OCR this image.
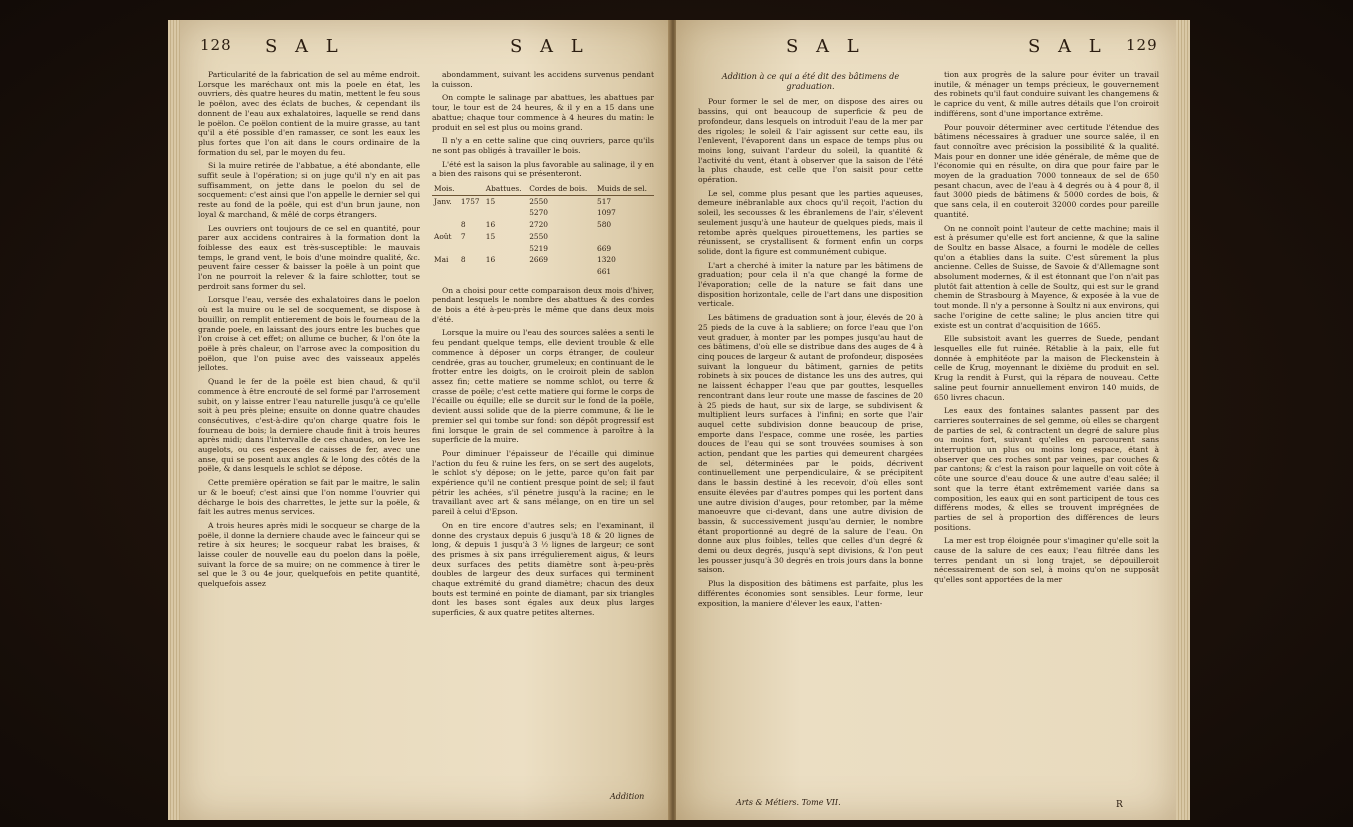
128 S A L	S A L

Particularité de la fabrication de sel au même endroit. Lorsque les maréchaux ont mis la poele en état, les ouvriers, dès quatre heures du matin, mettent le feu sous le poëlon, avec des éclats de buches, & cependant ils donnent de l'eau aux exhalatoires, laquelle se rend dans le poëlon. Ce poëlon contient de la muire grasse, au tant qu'il a été possible d'en ramasser, ce sont les eaux les plus fortes que l'on ait dans le cours ordinaire de la formation du sel, par le moyen du feu.

Si la muire retirée de l'abbatue, a été abondante, elle suffit seule à l'opération; si on juge qu'il n'y en ait pas suffisamment, on jette dans le poelon du sel de socquement: c'est ainsi que l'on appelle le dernier sel qui reste au fond de la poële, qui est d'un brun jaune, non loyal & marchand, & mêlé de corps étrangers.

Les ouvriers ont toujours de ce sel en quantité, pour parer aux accidens contraires à la formation dont la foiblesse des eaux est très-susceptible: le mauvais temps, le grand vent, le bois d'une moindre qualité, &c. peuvent faire cesser & baisser la poële à un point que l'on ne pourroit la relever & la faire schlotter, tout se perdroit sans former du sel.

Lorsque l'eau, versée des exhalatoires dans le poelon où est la muire ou le sel de socquement, se dispose à bouillir, on remplit entierement de bois le fourneau de la grande poele, en laissant des jours entre les buches que l'on croise à cet effet; on allume ce bucher, & l'on ôte la poële à près chaleur, on l'arrose avec la composition du poëlon, que l'on puise avec des vaisseaux appelés jellotes.

Quand le fer de la poële est bien chaud, & qu'il commence à être encrouté de sel formé par l'arrosement subit, on y laisse entrer l'eau naturelle jusqu'à ce qu'elle soit à peu près pleine; ensuite on donne quatre chaudes consécutives, c'est-à-dire qu'on charge quatre fois le fourneau de bois; la derniere chaude finit à trois heures après midi; dans l'intervalle de ces chaudes, on leve les augelots, ou ces especes de caisses de fer, avec une anse, qui se posent aux angles & le long des côtés de la poële, & dans lesquels le schlot se dépose.

Cette première opération se fait par le maitre, le salin ur & le boeuf; c'est ainsi que l'on nomme l'ouvrier qui décharge le bois des charrettes, le jette sur la poële, & fait les autres menus services.

A trois heures après midi le socqueur se charge de la poële, il donne la derniere chaude avec le fainceur qui se retire à six heures; le socqueur rabat les braises, & laisse couler de nouvelle eau du poelon dans la poële, suivant la force de sa muire; on ne commence à tirer le sel que le 3 ou 4e jour, quelquefois en petite quantité, quelquefois assez

abondamment, suivant les accidens survenus pendant la cuisson.

On compte le salinage par abattues, les abattues par tour, le tour est de 24 heures, & il y en a 15 dans une abattue; chaque tour commence à 4 heures du matin: le produit en sel est plus ou moins grand.

Il n'y a en cette saline que cinq ouvriers, parce qu'ils ne sont pas obligés à travailler le bois.

L'été est la saison la plus favorable au salinage, il y en a bien des raisons qui se présenteront.

Mois.		Abattues.	Cordes de bois.	Muids de sel.
Janv.	1757	15	2550	517
			5270	1097
	8	16	2720	580
Août	7	15	2550	
			5219	669
Mai	8	16	2669	1320
				661

On a choisi pour cette comparaison deux mois d'hiver, pendant lesquels le nombre des abattues & des cordes de bois a été à-peu-près le même que dans deux mois d'été.

Lorsque la muire ou l'eau des sources salées a senti le feu pendant quelque temps, elle devient trouble & elle commence à déposer un corps étranger, de couleur cendrée, gras au toucher, grumeleux; en continuant de le frotter entre les doigts, on le croiroit plein de sablon assez fin; cette matiere se nomme schlot, ou terre & crasse de poële; c'est cette matiere qui forme le corps de l'écaille ou équille; elle se durcit sur le fond de la poële, devient aussi solide que de la pierre commune, & lie le premier sel qui tombe sur fond: son dépôt progressif est fini lorsque le grain de sel commence à paroître à la superficie de la muire.

Pour diminuer l'épaisseur de l'écaille qui diminue l'action du feu & ruine les fers, on se sert des augelots, le schlot s'y dépose; on le jette, parce qu'on fait par expérience qu'il ne contient presque point de sel; il faut pétrir les achées, s'il pénetre jusqu'à la racine; en le travaillant avec art & sans mélange, on en tire un sel pareil à celui d'Epson.

On en tire encore d'autres sels; en l'examinant, il donne des crystaux depuis 6 jusqu'à 18 & 20 lignes de long, & depuis 1 jusqu'à 3 ½ lignes de largeur; ce sont des prismes à six pans irrégulierement aigus, & leurs deux surfaces des petits diamètre sont à-peu-près doubles de largeur des deux surfaces qui terminent chaque extrémité du grand diamètre; chacun des deux bouts est terminé en pointe de diamant, par six triangles dont les bases sont égales aux deux plus larges superficies, & aux quatre petites alternes.

Addition
S A L	S A L 129

Addition à ce qui a été dit des bâtimens de graduation.

Pour former le sel de mer, on dispose des aires ou bassins, qui ont beaucoup de superficie & peu de profondeur, dans lesquels on introduit l'eau de la mer par des rigoles; le soleil & l'air agissent sur cette eau, ils l'enlevent, l'évaporent dans un espace de temps plus ou moins long, suivant l'ardeur du soleil, la quantité & l'activité du vent, étant à observer que la saison de l'été la plus chaude, est celle que l'on saisit pour cette opération.

Le sel, comme plus pesant que les parties aqueuses, demeure inébranlable aux chocs qu'il reçoit, l'action du soleil, les secousses & les ébranlemens de l'air, s'élevent seulement jusqu'à une hauteur de quelques pieds, mais il retombe après quelques pirouettemens, les parties se réunissent, se crystallisent & forment enfin un corps solide, dont la figure est communément cubique.

L'art a cherché à imiter la nature par les bâtimens de graduation; pour cela il n'a que changé la forme de l'évaporation; celle de la nature se fait dans une disposition horizontale, celle de l'art dans une disposition verticale.

Les bâtimens de graduation sont à jour, élevés de 20 à 25 pieds de la cuve à la sabliere; on force l'eau que l'on veut graduer, à monter par les pompes jusqu'au haut de ces bâtimens, d'où elle se distribue dans des auges de 4 à cinq pouces de largeur & autant de profondeur, disposées suivant la longueur du bâtiment, garnies de petits robinets à six pouces de distance les uns des autres, qui ne laissent échapper l'eau que par gouttes, lesquelles rencontrant dans leur route une masse de fascines de 20 à 25 pieds de haut, sur six de large, se subdivisent & multiplient leurs surfaces à l'infini; en sorte que l'air auquel cette subdivision donne beaucoup de prise, emporte dans l'espace, comme une rosée, les parties douces de l'eau qui se sont trouvées soumises à son action, pendant que les parties qui demeurent chargées de sel, déterminées par le poids, décrivent continuellement une perpendiculaire, & se précipitent dans le bassin destiné à les recevoir, d'où elles sont ensuite élevées par d'autres pompes qui les portent dans une autre division d'auges, pour retomber, par la même manoeuvre que ci-devant, dans une autre division de bassin, & successivement jusqu'au dernier, le nombre étant proportionné au degré de la salure de l'eau. On donne aux plus foibles, telles que celles d'un degré & demi ou deux degrés, jusqu'à sept divisions, & l'on peut les pousser jusqu'à 30 degrés en trois jours dans la bonne saison.

Plus la disposition des bâtimens est parfaite, plus les différentes économies sont sensibles. Leur forme, leur exposition, la maniere d'élever les eaux, l'atten-

Arts & Métiers. Tome VII.

tion aux progrès de la salure pour éviter un travail inutile, & ménager un temps précieux, le gouvernement des robinets qu'il faut conduire suivant les changemens & le caprice du vent, & mille autres détails que l'on croiroit indifférens, sont d'une importance extrême.

Pour pouvoir déterminer avec certitude l'étendue des bâtimens nécessaires à graduer une source salée, il en faut connoître avec précision la possibilité & la qualité. Mais pour en donner une idée générale, de même que de l'économie qui en résulte, on dira que pour faire par le moyen de la graduation 7000 tonneaux de sel de 650 pesant chacun, avec de l'eau à 4 degrés ou à 4 pour 8, il faut 3000 pieds de bâtimens & 5000 cordes de bois, & que sans cela, il en couteroit 32000 cordes pour pareille quantité.

On ne connoît point l'auteur de cette machine; mais il est à présumer qu'elle est fort ancienne, & que la saline de Soultz en basse Alsace, a fourni le modèle de celles qu'on a établies dans la suite. C'est sûrement la plus ancienne. Celles de Suisse, de Savoie & d'Allemagne sont absolument modernes, & il est étonnant que l'on n'ait pas plutôt fait attention à celle de Soultz, qui est sur le grand chemin de Strasbourg à Mayence, & exposée à la vue de tout monde. Il n'y a personne à Soultz ni aux environs, qui sache l'origine de cette saline; le plus ancien titre qui existe est un contrat d'acquisition de 1665.

Elle subsistoit avant les guerres de Suede, pendant lesquelles elle fut ruinée. Rétablie à la paix, elle fut donnée à emphitéote par la maison de Fleckenstein à celle de Krug, moyennant le dixième du produit en sel. Krug la rendit à Furst, qui la répara de nouveau. Cette saline peut fournir annuellement environ 140 muids, de 650 livres chacun.

Les eaux des fontaines salantes passent par des carrieres souterraines de sel gemme, où elles se chargent de parties de sel, & contractent un degré de salure plus ou moins fort, suivant qu'elles en parcourent sans interruption un plus ou moins long espace, étant à observer que ces roches sont par veines, par couches & par cantons; & c'est la raison pour laquelle on voit côte à côte une source d'eau douce & une autre d'eau salée; il sont que la terre étant extrêmement variée dans sa composition, les eaux qui en sont participent de tous ces différens modes, & elles se trouvent imprégnées de parties de sel à proportion des différences de leurs positions.

La mer est trop éloignée pour s'imaginer qu'elle soit la cause de la salure de ces eaux; l'eau filtrée dans les terres pendant un si long trajet, se dépouilleroit nécessairement de son sel, à moins qu'on ne supposât qu'elles sont apportées de la mer

R
